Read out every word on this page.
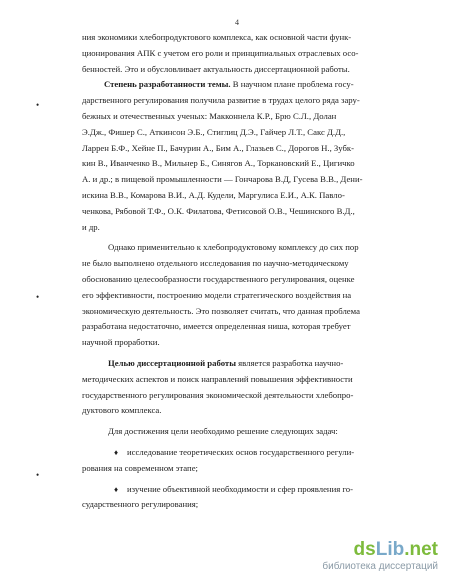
4
•
•
•
ния экономики хлебопродуктового комплекса, как основной части функ-
ционирования АПК с учетом его роли и принципиальных отраслевых осо-
бенностей. Это и обусловливает актуальность диссертационной работы.
Степень разработанности темы. В научном плане проблема госу-
дарственного регулирования получила развитие в трудах целого ряда зару-
бежных и отечественных ученых: Макконнела К.Р., Брю С.Л., Долан
Э.Дж., Фишер С., Аткинсон Э.Б., Стиглиц Д.Э., Гайчер Л.Т., Сакс Д.Д.,
Ларрен Б.Ф., Хейне П., Бачурин А., Бим А., Глазьев С., Дорогов Н., Зубк-
кин В., Иванченко В., Мильнер Б., Синягов А., Торкановский Е., Цигичко
А. и др.; в пищевой промышленности — Гончарова В.Д, Гусева В.В., Дени-
искина В.В., Комарова В.И., А.Д. Кудели, Маргулиса Е.И., А.К. Павло-
ченкова, Рябовой Т.Ф., О.К. Филатова, Фетисовой О.В., Чешинского В.Д.,
и др.
Однако применительно к хлебопродуктовому комплексу до сих пор
не было выполнено отдельного исследования по научно-методическому
обоснованию целесообразности государственного регулирования, оценке
его эффективности, построению модели стратегического воздействия на
экономическую деятельность. Это позволяет считать, что данная проблема
разработана недостаточно, имеется определенная ниша, которая требует
научной проработки.
Целью диссертационной работы является разработка научно-
методических аспектов и поиск направлений повышения эффективности
государственного регулирования экономической деятельности хлебопро-
дуктового комплекса.
Для достижения цели необходимо решение следующих задач:
♦	исследование теоретических основ государственного регули-
рования на современном этапе;
♦	изучение объективной необходимости и сфер проявления го-
сударственного регулирования;
dsLib.net
библиотека диссертаций
